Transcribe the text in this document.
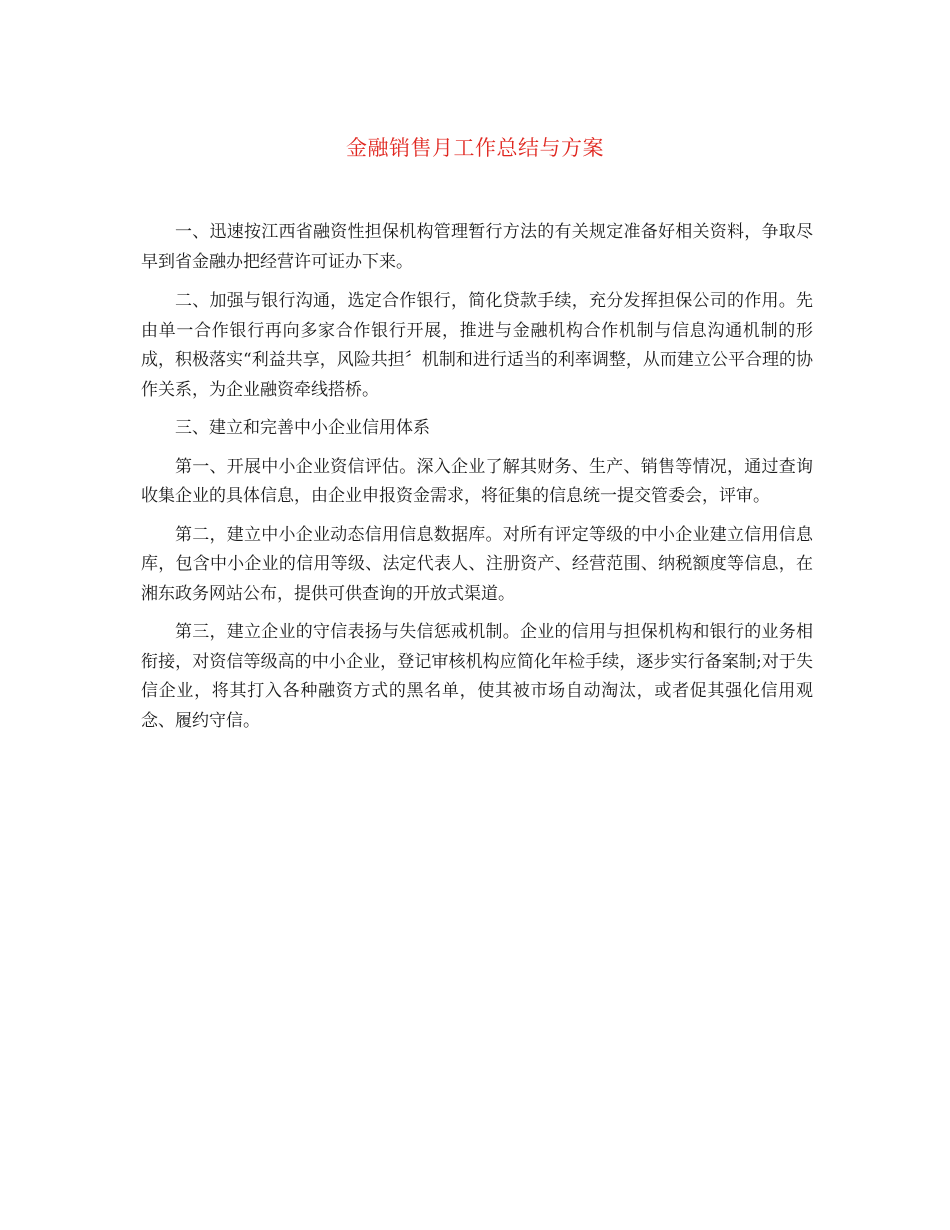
金融销售月工作总结与方案

一、迅速按江西省融资性担保机构管理暂行方法的有关规定准备好相关资料，争取尽早到省金融办把经营许可证办下来。

二、加强与银行沟通，选定合作银行，简化贷款手续，充分发挥担保公司的作用。先由单一合作银行再向多家合作银行开展，推进与金融机构合作机制与信息沟通机制的形成，积极落实“利益共享，风险共担〞机制和进行适当的利率调整，从而建立公平合理的协作关系，为企业融资牵线搭桥。

三、建立和完善中小企业信用体系

第一、开展中小企业资信评估。深入企业了解其财务、生产、销售等情况，通过查询收集企业的具体信息，由企业申报资金需求，将征集的信息统一提交管委会，评审。

第二，建立中小企业动态信用信息数据库。对所有评定等级的中小企业建立信用信息库，包含中小企业的信用等级、法定代表人、注册资产、经营范围、纳税额度等信息，在湘东政务网站公布，提供可供查询的开放式渠道。

第三，建立企业的守信表扬与失信惩戒机制。企业的信用与担保机构和银行的业务相衔接，对资信等级高的中小企业，登记审核机构应简化年检手续，逐步实行备案制;对于失信企业，将其打入各种融资方式的黑名单，使其被市场自动淘汰，或者促其强化信用观念、履约守信。
